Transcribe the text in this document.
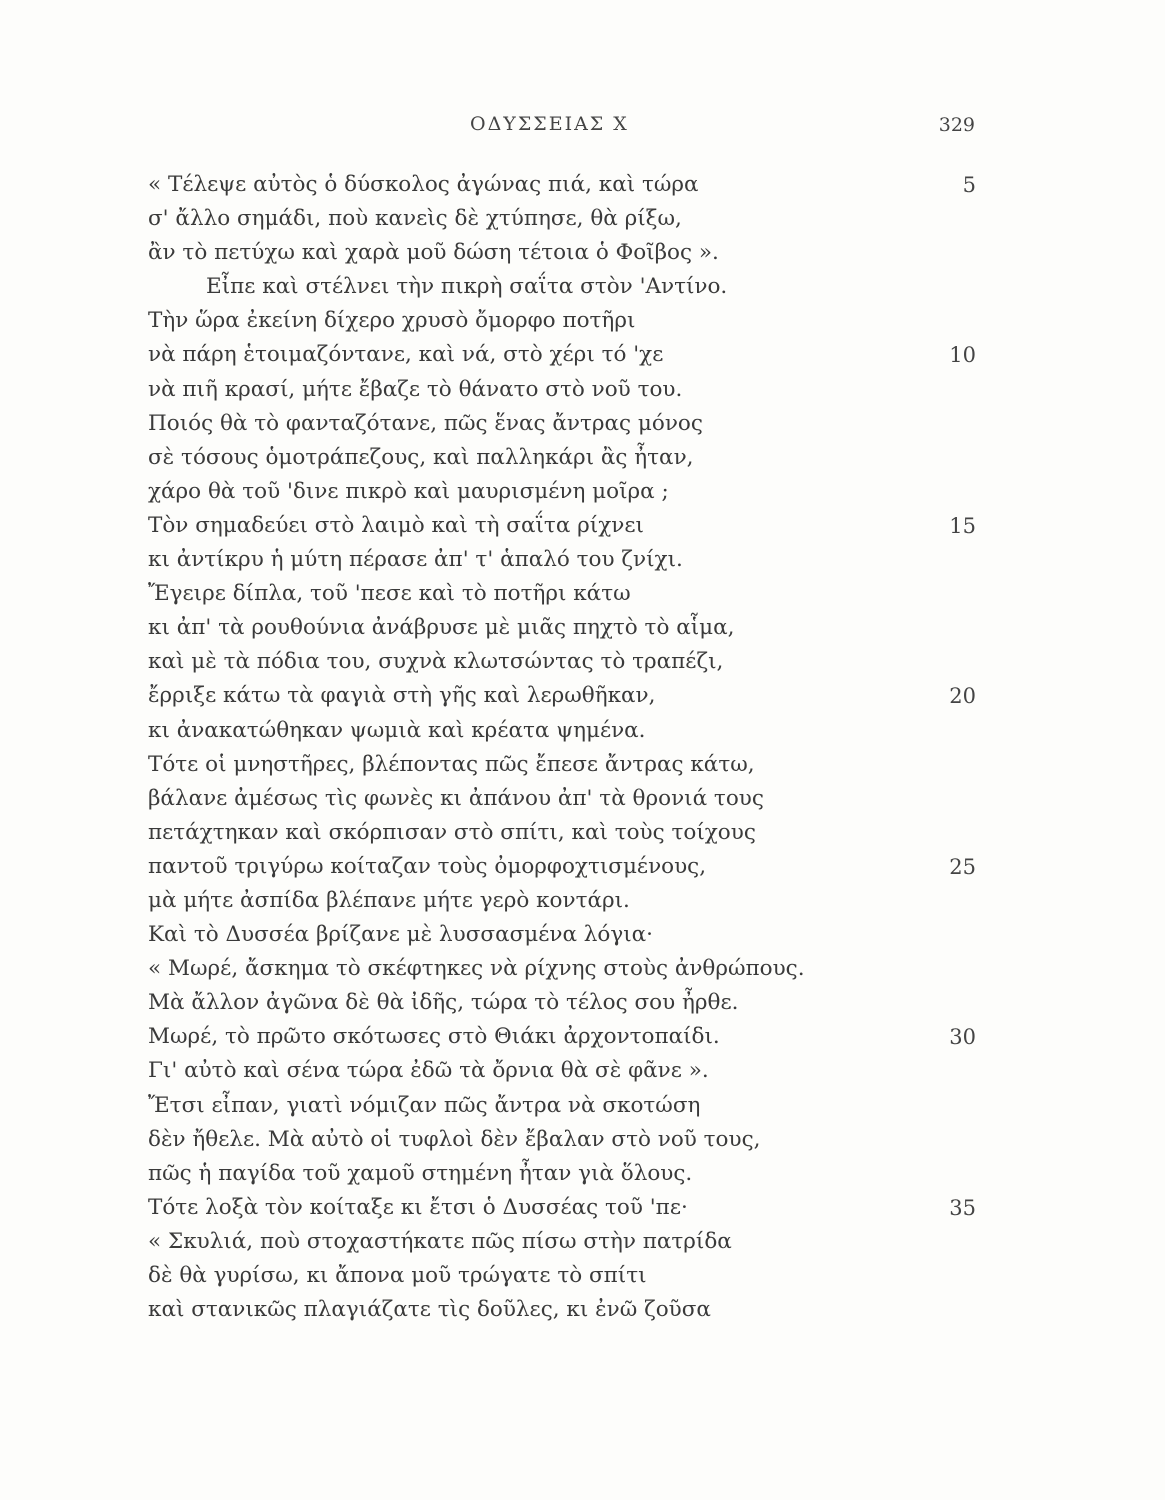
ΟΔΥΣΣΕΙΑΣ Χ	329
« Τέλεψε αὐτὸς ὁ δύσκολος ἀγώνας πιά, καὶ τώρα	5
σ' ἄλλο σημάδι, ποὺ κανεὶς δὲ χτύπησε, θὰ ρίξω,
ἂν τὸ πετύχω καὶ χαρὰ μοῦ δώση τέτοια ὁ Φοῖβος ».
Εἶπε καὶ στέλνει τὴν πικρὴ σαΐτα στὸν 'Αντίνο.
Τὴν ὥρα ἐκείνη δίχερο χρυσὸ ὄμορφο ποτῆρι
νὰ πάρη ἑτοιμαζόντανε, καὶ νά, στὸ χέρι τό 'χε	10
νὰ πιῆ κρασί, μήτε ἔβαζε τὸ θάνατο στὸ νοῦ του.
Ποιός θὰ τὸ φανταζότανε, πῶς ἕνας ἄντρας μόνος
σὲ τόσους ὁμοτράπεζους, καὶ παλληκάρι ἂς ἦταν,
χάρο θὰ τοῦ 'δινε πικρὸ καὶ μαυρισμένη μοῖρα ;
Τὸν σημαδεύει στὸ λαιμὸ καὶ τὴ σαΐτα ρίχνει	15
κι ἀντίκρυ ἡ μύτη πέρασε ἀπ' τ' ἁπαλό του ζνίχι.
Ἔγειρε δίπλα, τοῦ 'πεσε καὶ τὸ ποτῆρι κάτω
κι ἀπ' τὰ ρουθούνια ἀνάβρυσε μὲ μιᾶς πηχτὸ τὸ αἷμα,
καὶ μὲ τὰ πόδια του, συχνὰ κλωτσώντας τὸ τραπέζι,
ἔρριξε κάτω τὰ φαγιὰ στὴ γῆς καὶ λερωθῆκαν,	20
κι ἀνακατώθηκαν ψωμιὰ καὶ κρέατα ψημένα.
Τότε οἱ μνηστῆρες, βλέποντας πῶς ἔπεσε ἄντρας κάτω,
βάλανε ἀμέσως τὶς φωνὲς κι ἀπάνου ἀπ' τὰ θρονιά τους
πετάχτηκαν καὶ σκόρπισαν στὸ σπίτι, καὶ τοὺς τοίχους
παντοῦ τριγύρω κοίταζαν τοὺς ὀμορφοχτισμένους,	25
μὰ μήτε ἀσπίδα βλέπανε μήτε γερὸ κοντάρι.
Καὶ τὸ Δυσσέα βρίζανε μὲ λυσσασμένα λόγια·
« Μωρέ, ἄσκημα τὸ σκέφτηκες νὰ ρίχνης στοὺς ἀνθρώπους.
Μὰ ἄλλον ἀγῶνα δὲ θὰ ἰδῆς, τώρα τὸ τέλος σου ἦρθε.
Μωρέ, τὸ πρῶτο σκότωσες στὸ Θιάκι ἀρχοντοπαίδι.	30
Γι' αὐτὸ καὶ σένα τώρα ἐδῶ τὰ ὄρνια θὰ σὲ φᾶνε ».
Ἔτσι εἶπαν, γιατὶ νόμιζαν πῶς ἄντρα νὰ σκοτώση
δὲν ἤθελε. Μὰ αὐτὸ οἱ τυφλοὶ δὲν ἔβαλαν στὸ νοῦ τους,
πῶς ἡ παγίδα τοῦ χαμοῦ στημένη ἦταν γιὰ ὅλους.
Τότε λοξὰ τὸν κοίταξε κι ἔτσι ὁ Δυσσέας τοῦ 'πε·	35
« Σκυλιά, ποὺ στοχαστήκατε πῶς πίσω στὴν πατρίδα
δὲ θὰ γυρίσω, κι ἄπονα μοῦ τρώγατε τὸ σπίτι
καὶ στανικῶς πλαγιάζατε τὶς δοῦλες, κι ἐνῶ ζοῦσα
